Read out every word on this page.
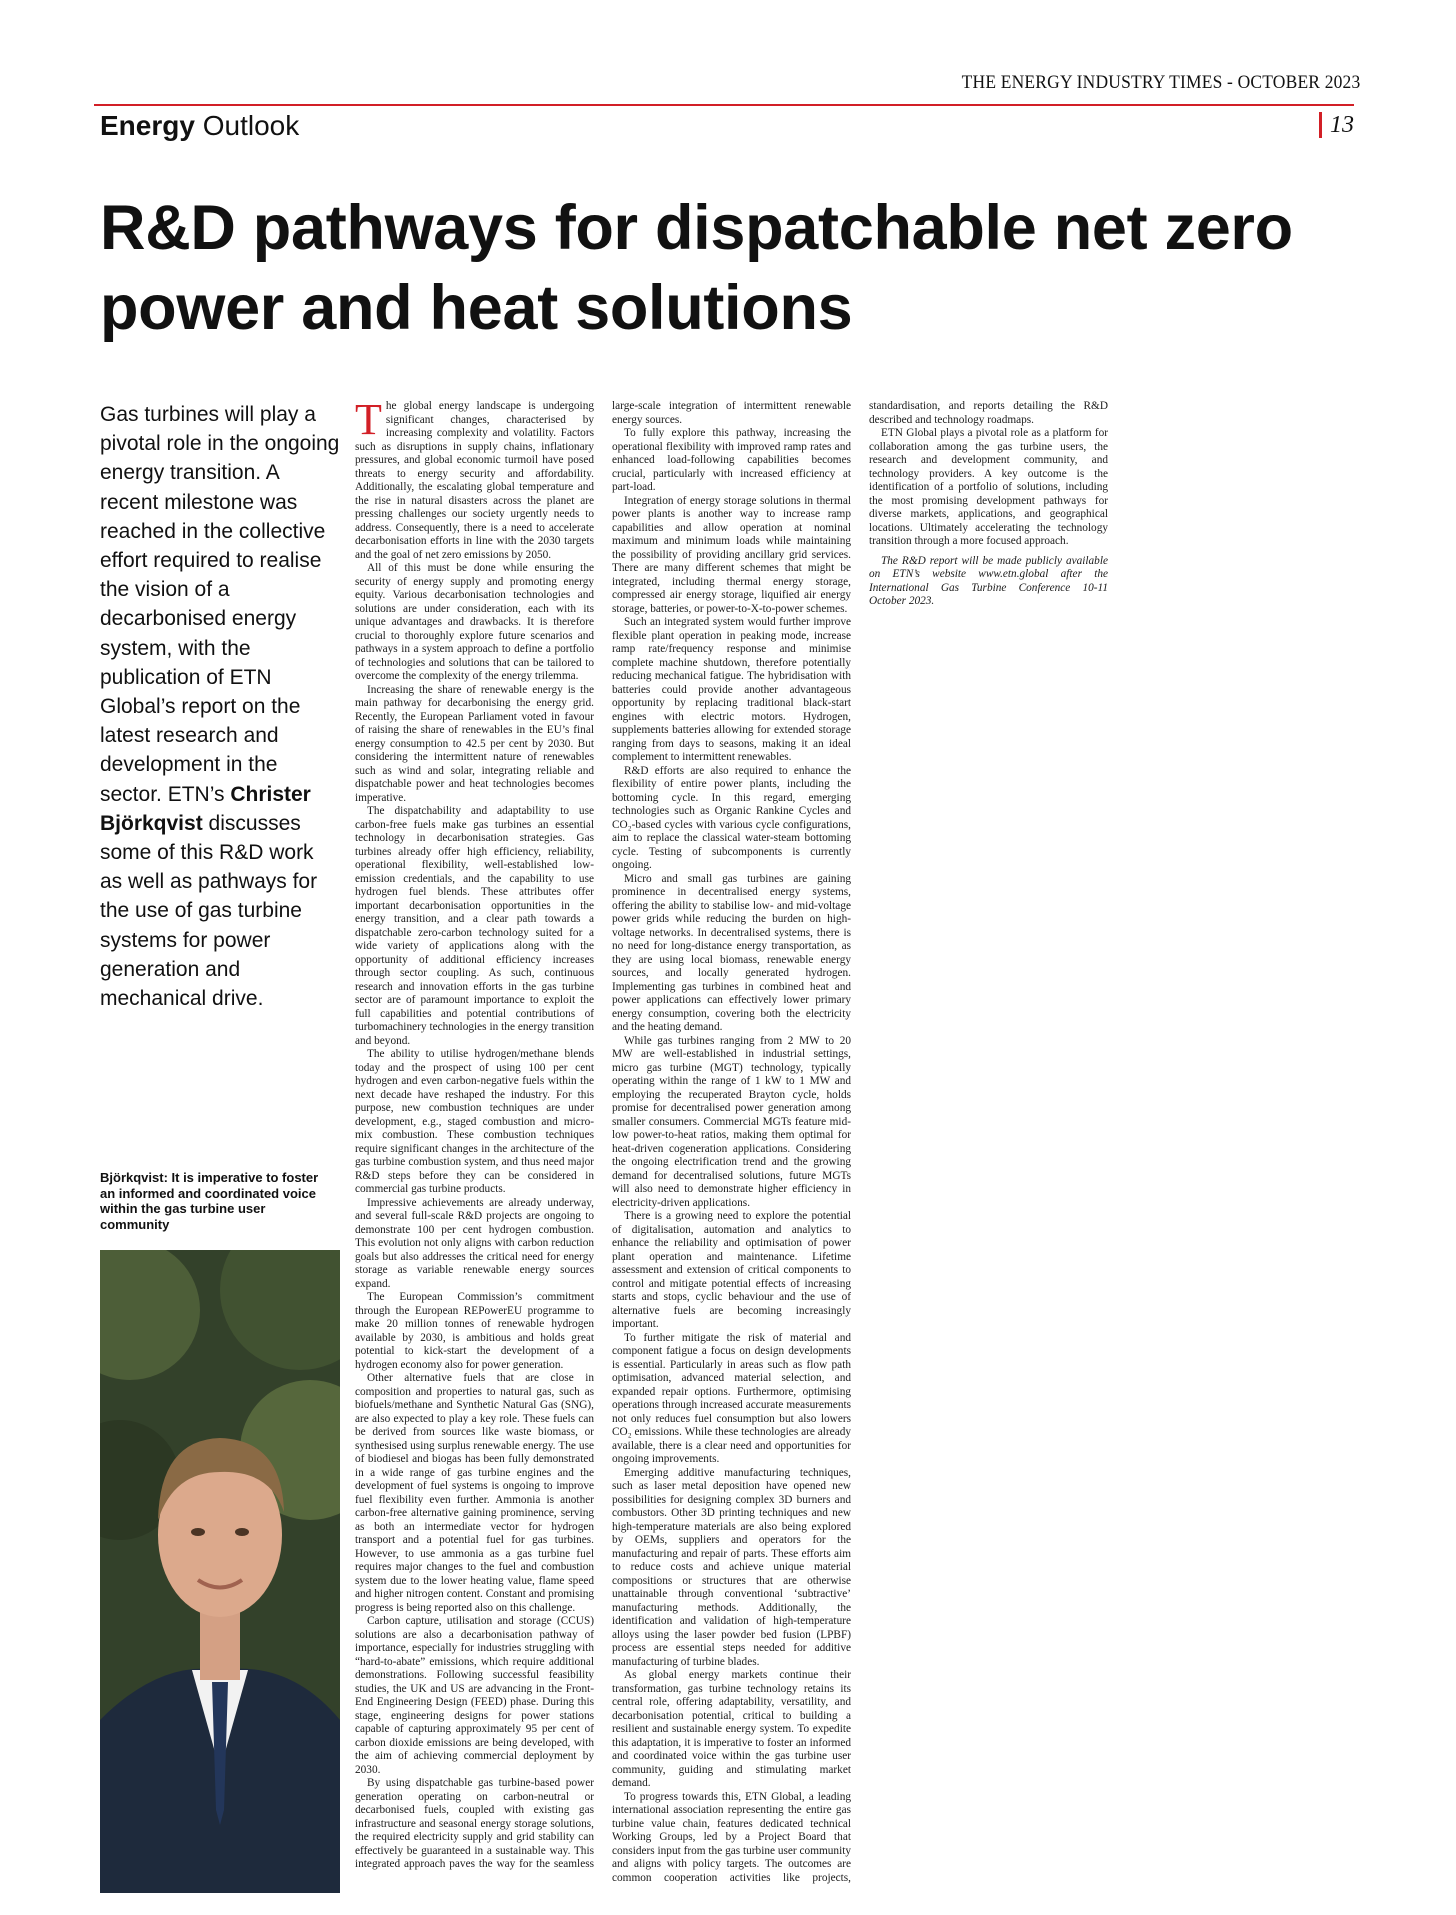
THE ENERGY INDUSTRY TIMES - OCTOBER 2023
Energy Outlook	13
R&D pathways for dispatchable net zero power and heat solutions
Gas turbines will play a pivotal role in the ongoing energy transition. A recent milestone was reached in the collective effort required to realise the vision of a decarbonised energy system, with the publication of ETN Global’s report on the latest research and development in the sector. ETN’s Christer Björkqvist discusses some of this R&D work as well as pathways for the use of gas turbine systems for power generation and mechanical drive.
Björkqvist: It is imperative to foster an informed and coordinated voice within the gas turbine user community

The global energy landscape is undergoing significant changes, characterised by increasing complexity and volatility. Factors such as disruptions in supply chains, inflationary pressures, and global economic turmoil have posed threats to energy security and affordability. Additionally, the escalating global temperature and the rise in natural disasters across the planet are pressing challenges our society urgently needs to address. Consequently, there is a need to accelerate decarbonisation efforts in line with the 2030 targets and the goal of net zero emissions by 2050.

All of this must be done while ensuring the security of energy supply and promoting energy equity. Various decarbonisation technologies and solutions are under consideration, each with its unique advantages and drawbacks. It is therefore crucial to thoroughly explore future scenarios and pathways in a system approach to define a portfolio of technologies and solutions that can be tailored to overcome the complexity of the energy trilemma.

Increasing the share of renewable energy is the main pathway for decarbonising the energy grid. Recently, the European Parliament voted in favour of raising the share of renewables in the EU’s final energy consumption to 42.5 per cent by 2030. But considering the intermittent nature of renewables such as wind and solar, integrating reliable and dispatchable power and heat technologies becomes imperative.

The dispatchability and adaptability to use carbon-free fuels make gas turbines an essential technology in decarbonisation strategies. Gas turbines already offer high efficiency, reliability, operational flexibility, well-established low-emission credentials, and the capability to use hydrogen fuel blends. These attributes offer important decarbonisation opportunities in the energy transition, and a clear path towards a dispatchable zero-carbon technology suited for a wide variety of applications along with the opportunity of additional efficiency increases through sector coupling. As such, continuous research and innovation efforts in the gas turbine sector are of paramount importance to exploit the full capabilities and potential contributions of turbomachinery technologies in the energy transition and beyond.

The ability to utilise hydrogen/methane blends today and the prospect of using 100 per cent hydrogen and even carbon-negative fuels within the next decade have reshaped the industry. For this purpose, new combustion techniques are under development, e.g., staged combustion and micro-mix combustion. These combustion techniques require significant changes in the architecture of the gas turbine combustion system, and thus need major R&D steps before they can be considered in commercial gas turbine products.

Impressive achievements are already underway, and several full-scale R&D projects are ongoing to demonstrate 100 per cent hydrogen combustion. This evolution not only aligns with carbon reduction goals but also addresses the critical need for energy storage as variable renewable energy sources expand.

The European Commission’s commitment through the European REPowerEU programme to make 20 million tonnes of renewable hydrogen available by 2030, is ambitious and holds great potential to kick-start the development of a hydrogen economy also for power generation.

Other alternative fuels that are close in composition and properties to natural gas, such as biofuels/methane and Synthetic Natural Gas (SNG), are also expected to play a key role. These fuels can be derived from sources like waste biomass, or synthesised using surplus renewable energy. The use of biodiesel and biogas has been fully demonstrated in a wide range of gas turbine engines and the development of fuel systems is ongoing to improve fuel flexibility even further. Ammonia is another carbon-free alternative gaining prominence, serving as both an intermediate vector for hydrogen transport and a potential fuel for gas turbines. However, to use ammonia as a gas turbine fuel requires major changes to the fuel and combustion system due to the lower heating value, flame speed and higher nitrogen content. Constant and promising progress is being reported also on this challenge.

Carbon capture, utilisation and storage (CCUS) solutions are also a decarbonisation pathway of importance, especially for industries struggling with “hard-to-abate” emissions, which require additional demonstrations. Following successful feasibility studies, the UK and US are advancing in the Front-End Engineering Design (FEED) phase. During this stage, engineering designs for power stations capable of capturing approximately 95 per cent of carbon dioxide emissions are being developed, with the aim of achieving commercial deployment by 2030.

By using dispatchable gas turbine-based power generation operating on carbon-neutral or decarbonised fuels, coupled with existing gas infrastructure and seasonal energy storage solutions, the required electricity supply and grid stability can effectively be guaranteed in a sustainable way. This integrated approach paves the way for the seamless large-scale integration of intermittent renewable energy sources.

To fully explore this pathway, increasing the operational flexibility with improved ramp rates and enhanced load-following capabilities becomes crucial, particularly with increased efficiency at part-load.

Integration of energy storage solutions in thermal power plants is another way to increase ramp capabilities and allow operation at nominal maximum and minimum loads while maintaining the possibility of providing ancillary grid services. There are many different schemes that might be integrated, including thermal energy storage, compressed air energy storage, liquified air energy storage, batteries, or power-to-X-to-power schemes.

Such an integrated system would further improve flexible plant operation in peaking mode, increase ramp rate/frequency response and minimise complete machine shutdown, therefore potentially reducing mechanical fatigue. The hybridisation with batteries could provide another advantageous opportunity by replacing traditional black-start engines with electric motors. Hydrogen, supplements batteries allowing for extended storage ranging from days to seasons, making it an ideal complement to intermittent renewables.

R&D efforts are also required to enhance the flexibility of entire power plants, including the bottoming cycle. In this regard, emerging technologies such as Organic Rankine Cycles and CO₂-based cycles with various cycle configurations, aim to replace the classical water-steam bottoming cycle. Testing of subcomponents is currently ongoing.

Micro and small gas turbines are gaining prominence in decentralised energy systems, offering the ability to stabilise low- and mid-voltage power grids while reducing the burden on high-voltage networks. In decentralised systems, there is no need for long-distance energy transportation, as they are using local biomass, renewable energy sources, and locally generated hydrogen. Implementing gas turbines in combined heat and power applications can effectively lower primary energy consumption, covering both the electricity and the heating demand.

While gas turbines ranging from 2 MW to 20 MW are well-established in industrial settings, micro gas turbine (MGT) technology, typically operating within the range of 1 kW to 1 MW and employing the recuperated Brayton cycle, holds promise for decentralised power generation among smaller consumers. Commercial MGTs feature mid-low power-to-heat ratios, making them optimal for heat-driven cogeneration applications. Considering the ongoing electrification trend and the growing demand for decentralised solutions, future MGTs will also need to demonstrate higher efficiency in electricity-driven applications.

There is a growing need to explore the potential of digitalisation, automation and analytics to enhance the reliability and optimisation of power plant operation and maintenance. Lifetime assessment and extension of critical components to control and mitigate potential effects of increasing starts and stops, cyclic behaviour and the use of alternative fuels are becoming increasingly important.

To further mitigate the risk of material and component fatigue a focus on design developments is essential. Particularly in areas such as flow path optimisation, advanced material selection, and expanded repair options. Furthermore, optimising operations through increased accurate measurements not only reduces fuel consumption but also lowers CO₂ emissions. While these technologies are already available, there is a clear need and opportunities for ongoing improvements.

Emerging additive manufacturing techniques, such as laser metal deposition have opened new possibilities for designing complex 3D burners and combustors. Other 3D printing techniques and new high-temperature materials are also being explored by OEMs, suppliers and operators for the manufacturing and repair of parts. These efforts aim to reduce costs and achieve unique material compositions or structures that are otherwise unattainable through conventional ‘subtractive’ manufacturing methods. Additionally, the identification and validation of high-temperature alloys using the laser powder bed fusion (LPBF) process are essential steps needed for additive manufacturing of turbine blades.

As global energy markets continue their transformation, gas turbine technology retains its central role, offering adaptability, versatility, and decarbonisation potential, critical to building a resilient and sustainable energy system. To expedite this adaptation, it is imperative to foster an informed and coordinated voice within the gas turbine user community, guiding and stimulating market demand.

To progress towards this, ETN Global, a leading international association representing the entire gas turbine value chain, features dedicated technical Working Groups, led by a Project Board that considers input from the gas turbine user community and aligns with policy targets. The outcomes are common cooperation activities like projects, standardisation, and reports detailing the R&D described and technology roadmaps.

ETN Global plays a pivotal role as a platform for collaboration among the gas turbine users, the research and development community, and technology providers. A key outcome is the identification of a portfolio of solutions, including the most promising development pathways for diverse markets, applications, and geographical locations. Ultimately accelerating the technology transition through a more focused approach.

The R&D report will be made publicly available on ETN’s website www.etn.global after the International Gas Turbine Conference 10-11 October 2023.
